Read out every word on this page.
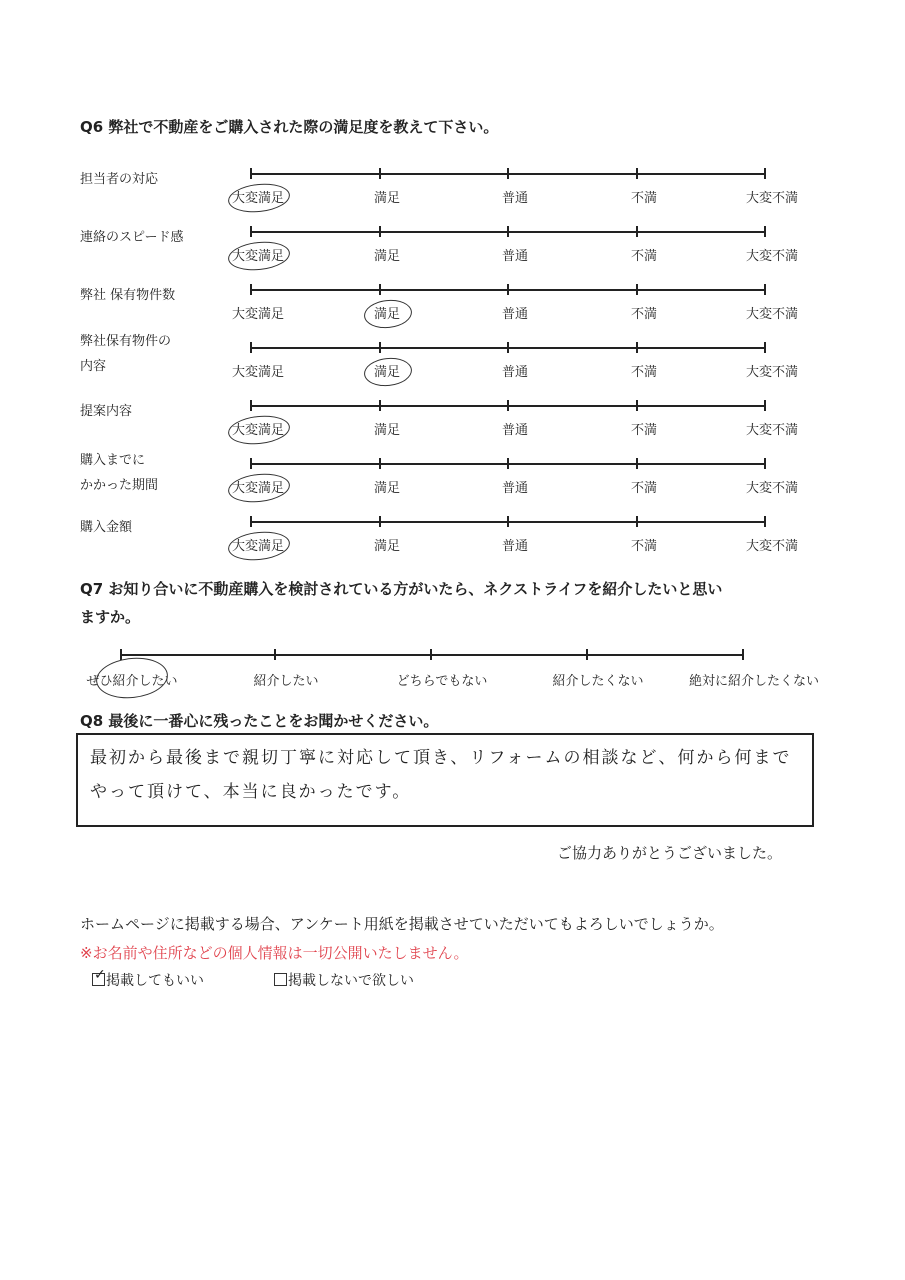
Q6 弊社で不動産をご購入された際の満足度を教えて下さい。
担当者の対応
大変満足	満足	普通	不満	大変不満
連絡のスピード感
大変満足	満足	普通	不満	大変不満
弊社 保有物件数
大変満足	満足	普通	不満	大変不満
弊社保有物件の
内容	大変満足	満足	普通	不満	大変不満
提案内容
大変満足	満足	普通	不満	大変不満
購入までに
かかった期間	大変満足	満足	普通	不満	大変不満
購入金額
大変満足	満足	普通	不満	大変不満
Q7 お知り合いに不動産購入を検討されている方がいたら、ネクストライフを紹介したいと思い
ますか。
ぜひ紹介したい	紹介したい	どちらでもない	紹介したくない	絶対に紹介したくない
Q8 最後に一番心に残ったことをお聞かせください。
最初から最後まで親切丁寧に対応して頂き、リフォームの相談など、何から何まで
やって頂けて、本当に良かったです。
ご協力ありがとうございました。
ホームページに掲載する場合、アンケート用紙を掲載させていただいてもよろしいでしょうか。
※お名前や住所などの個人情報は一切公開いたしません。
✓ 掲載してもいい	掲載しないで欲しい
